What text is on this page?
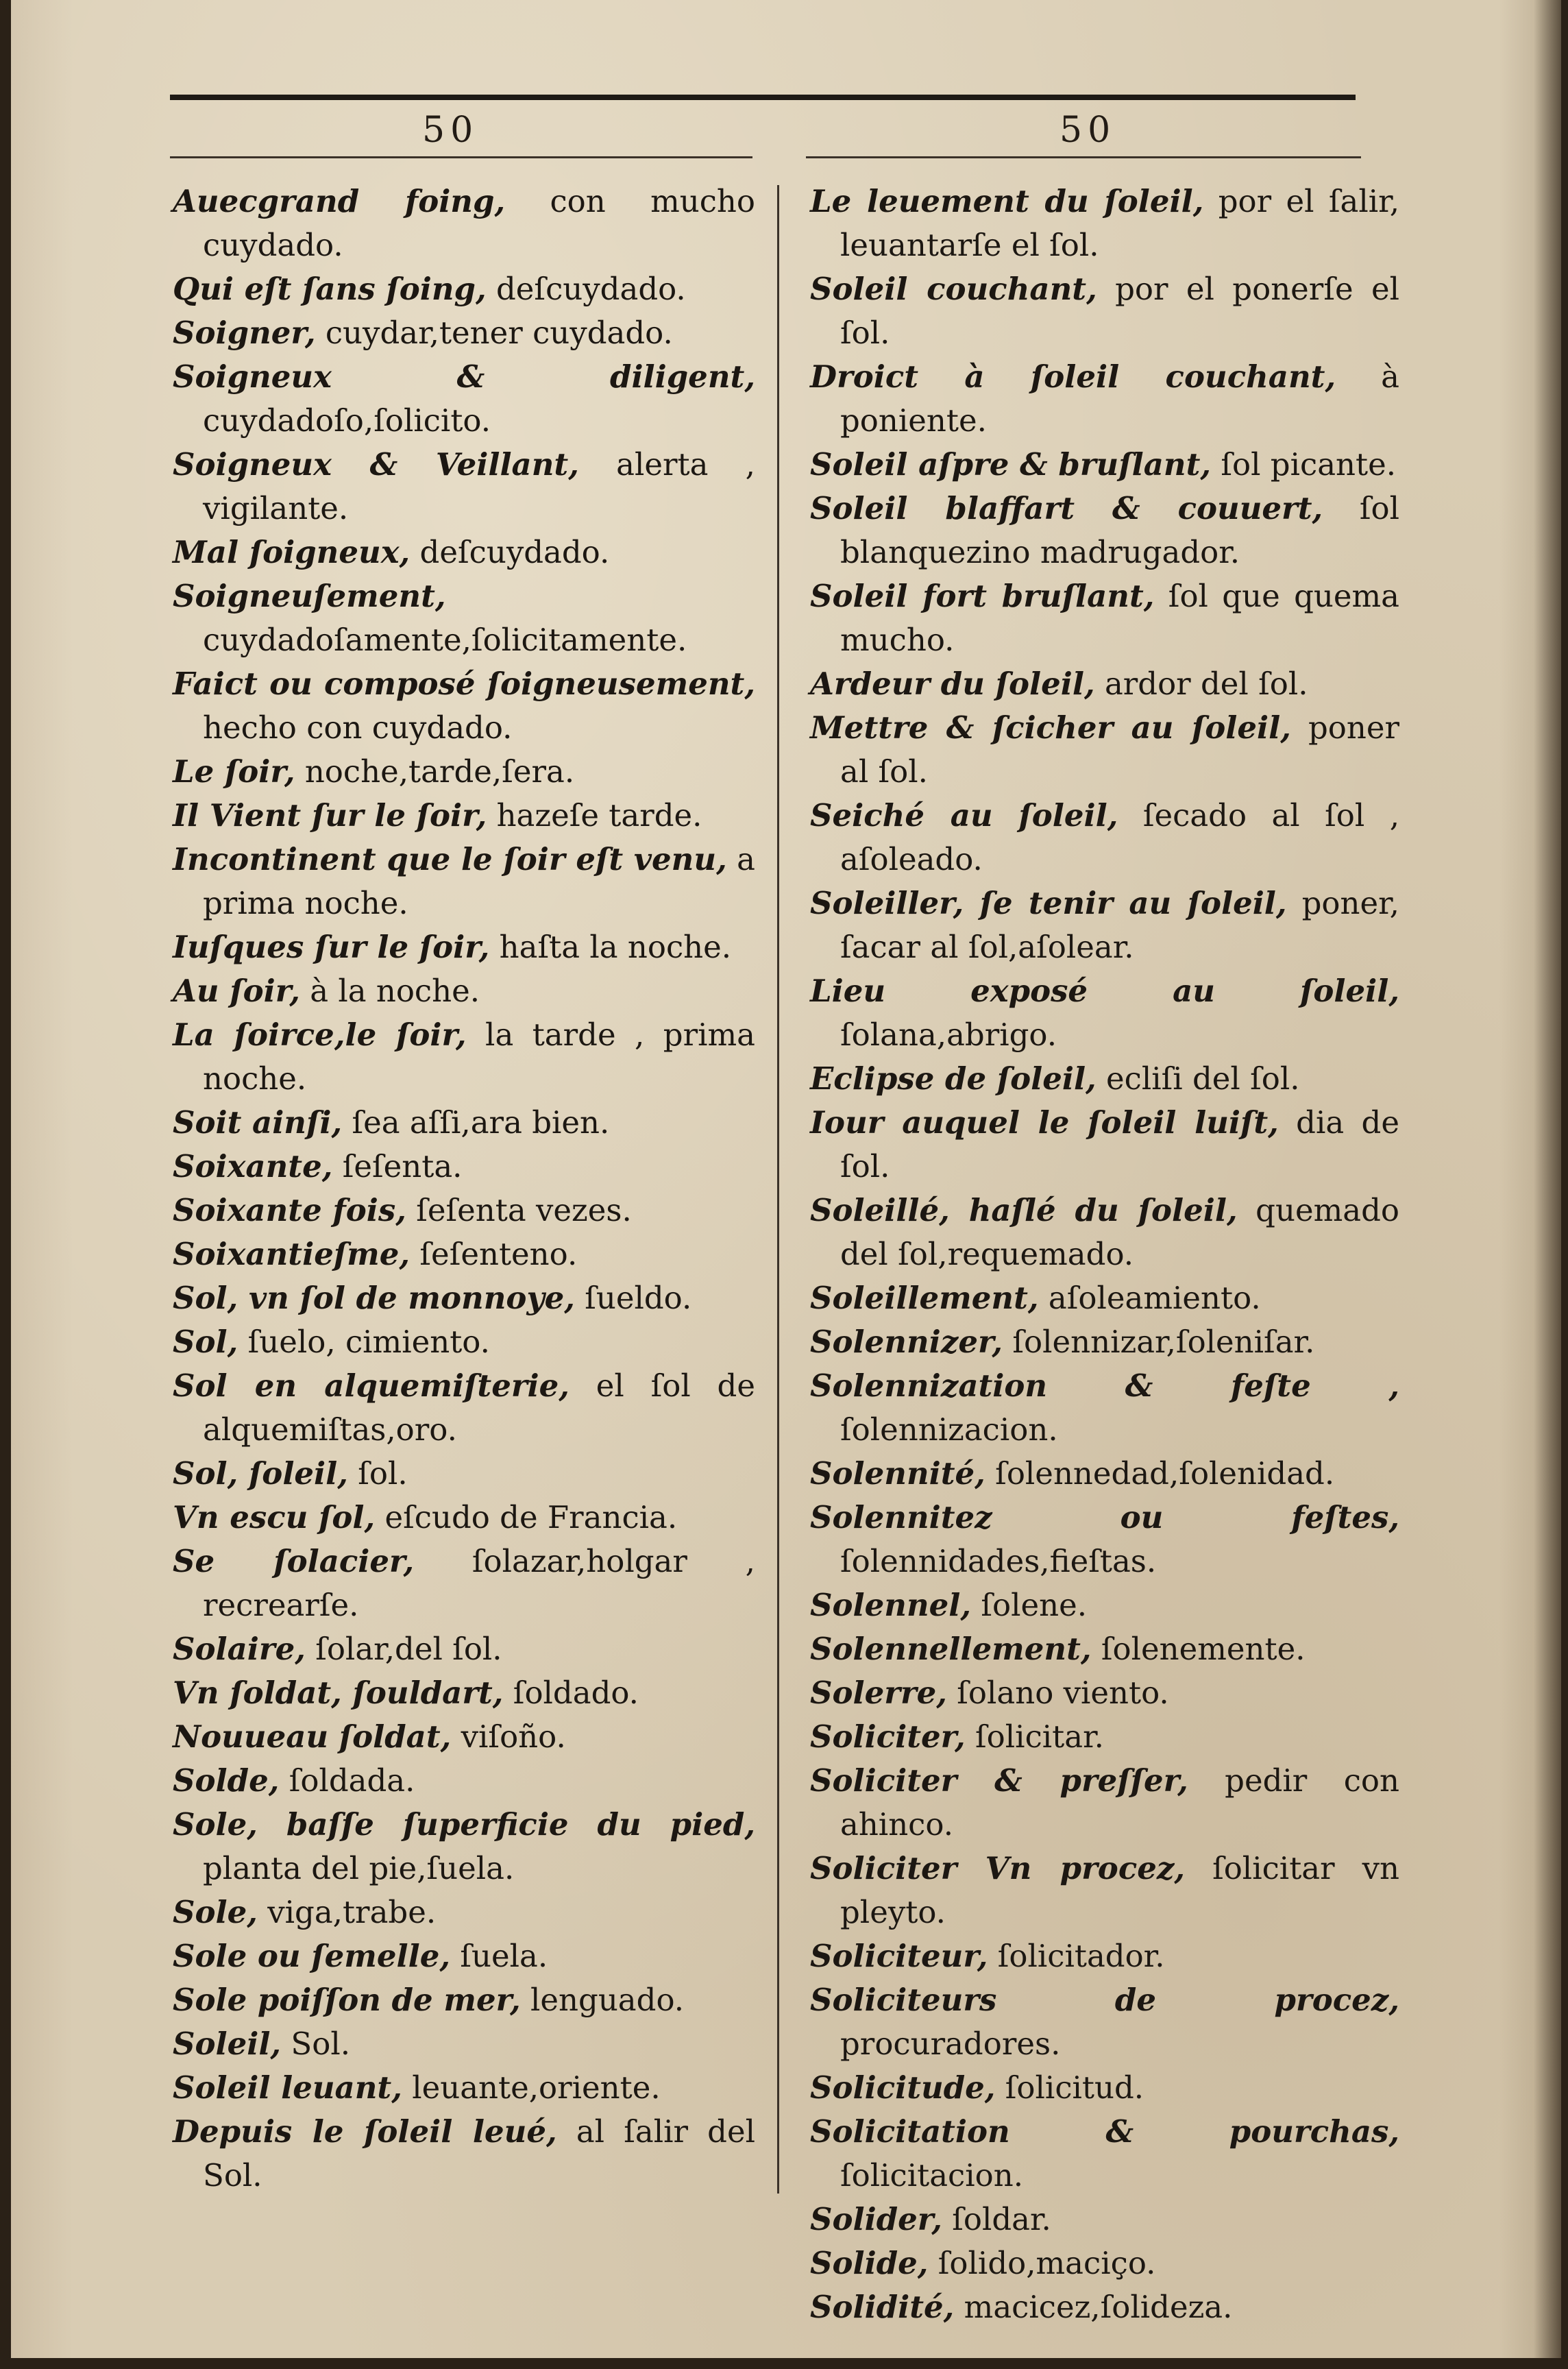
50	50
Auecgrand foing, con mucho cuydado.
Qui eſt ſans ſoing, deſcuydado.
Soigner, cuydar,tener cuydado.
Soigneux & diligent, cuydadoſo,ſolicito.
Soigneux & Veillant, alerta , vigilante.
Mal ſoigneux, deſcuydado.
Soigneuſement, cuydadoſamente,ſolicitamente.
Faict ou composé ſoigneusement, hecho con cuydado.
Le ſoir, noche,tarde,ſera.
Il Vient ſur le ſoir, hazeſe tarde.
Incontinent que le ſoir eſt venu, a prima noche.
Iuſques ſur le ſoir, haſta la noche.
Au ſoir, à la noche.
La ſoirce,le ſoir, la tarde , prima noche.
Soit ainſi, ſea aſſi,ara bien.
Soixante, ſeſenta.
Soixante fois, ſeſenta vezes.
Soixantieſme, ſeſenteno.
Sol, vn ſol de monnoye, ſueldo.
Sol, ſuelo, cimiento.
Sol en alquemiſterie, el ſol de alquemiſtas,oro.
Sol, ſoleil, ſol.
Vn escu ſol, eſcudo de Francia.
Se ſolacier, ſolazar,holgar , recrearſe.
Solaire, ſolar,del ſol.
Vn ſoldat, ſouldart, ſoldado.
Nouueau ſoldat, viſoño.
Solde, ſoldada.
Sole, baſſe ſuperficie du pied, planta del pie,ſuela.
Sole, viga,trabe.
Sole ou ſemelle, ſuela.
Sole poiſſon de mer, lenguado.
Soleil, Sol.
Soleil leuant, leuante,oriente.
Depuis le ſoleil leué, al ſalir del Sol.
Le leuement du ſoleil, por el ſalir, leuantarſe el ſol.
Soleil couchant, por el ponerſe el ſol.
Droict à ſoleil couchant, à poniente.
Soleil aſpre & bruſlant, ſol picante.
Soleil blaffart & couuert, ſol blanquezino madrugador.
Soleil fort bruſlant, ſol que quema mucho.
Ardeur du ſoleil, ardor del ſol.
Mettre & ſcicher au ſoleil, poner al ſol.
Seiché au ſoleil, ſecado al ſol , aſoleado.
Soleiller, ſe tenir au ſoleil, poner, ſacar al ſol,aſolear.
Lieu exposé au ſoleil, ſolana,abrigo.
Eclipse de ſoleil, ecliſi del ſol.
Iour auquel le ſoleil luiſt, dia de ſol.
Soleillé, haſlé du ſoleil, quemado del ſol,requemado.
Soleillement, aſoleamiento.
Solennizer, ſolennizar,ſoleniſar.
Solennization & feſte , ſolennizacion.
Solennité, ſolennedad,ſolenidad.
Solennitez ou feſtes, ſolennidades,fieſtas.
Solennel, ſolene.
Solennellement, ſolenemente.
Solerre, ſolano viento.
Soliciter, ſolicitar.
Soliciter & preſſer, pedir con ahinco.
Soliciter Vn procez, ſolicitar vn pleyto.
Soliciteur, ſolicitador.
Soliciteurs de procez, procuradores.
Solicitude, ſolicitud.
Solicitation & pourchas, ſolicitacion.
Solider, ſoldar.
Solide, ſolido,maciço.
Solidité, macicez,ſolideza.
